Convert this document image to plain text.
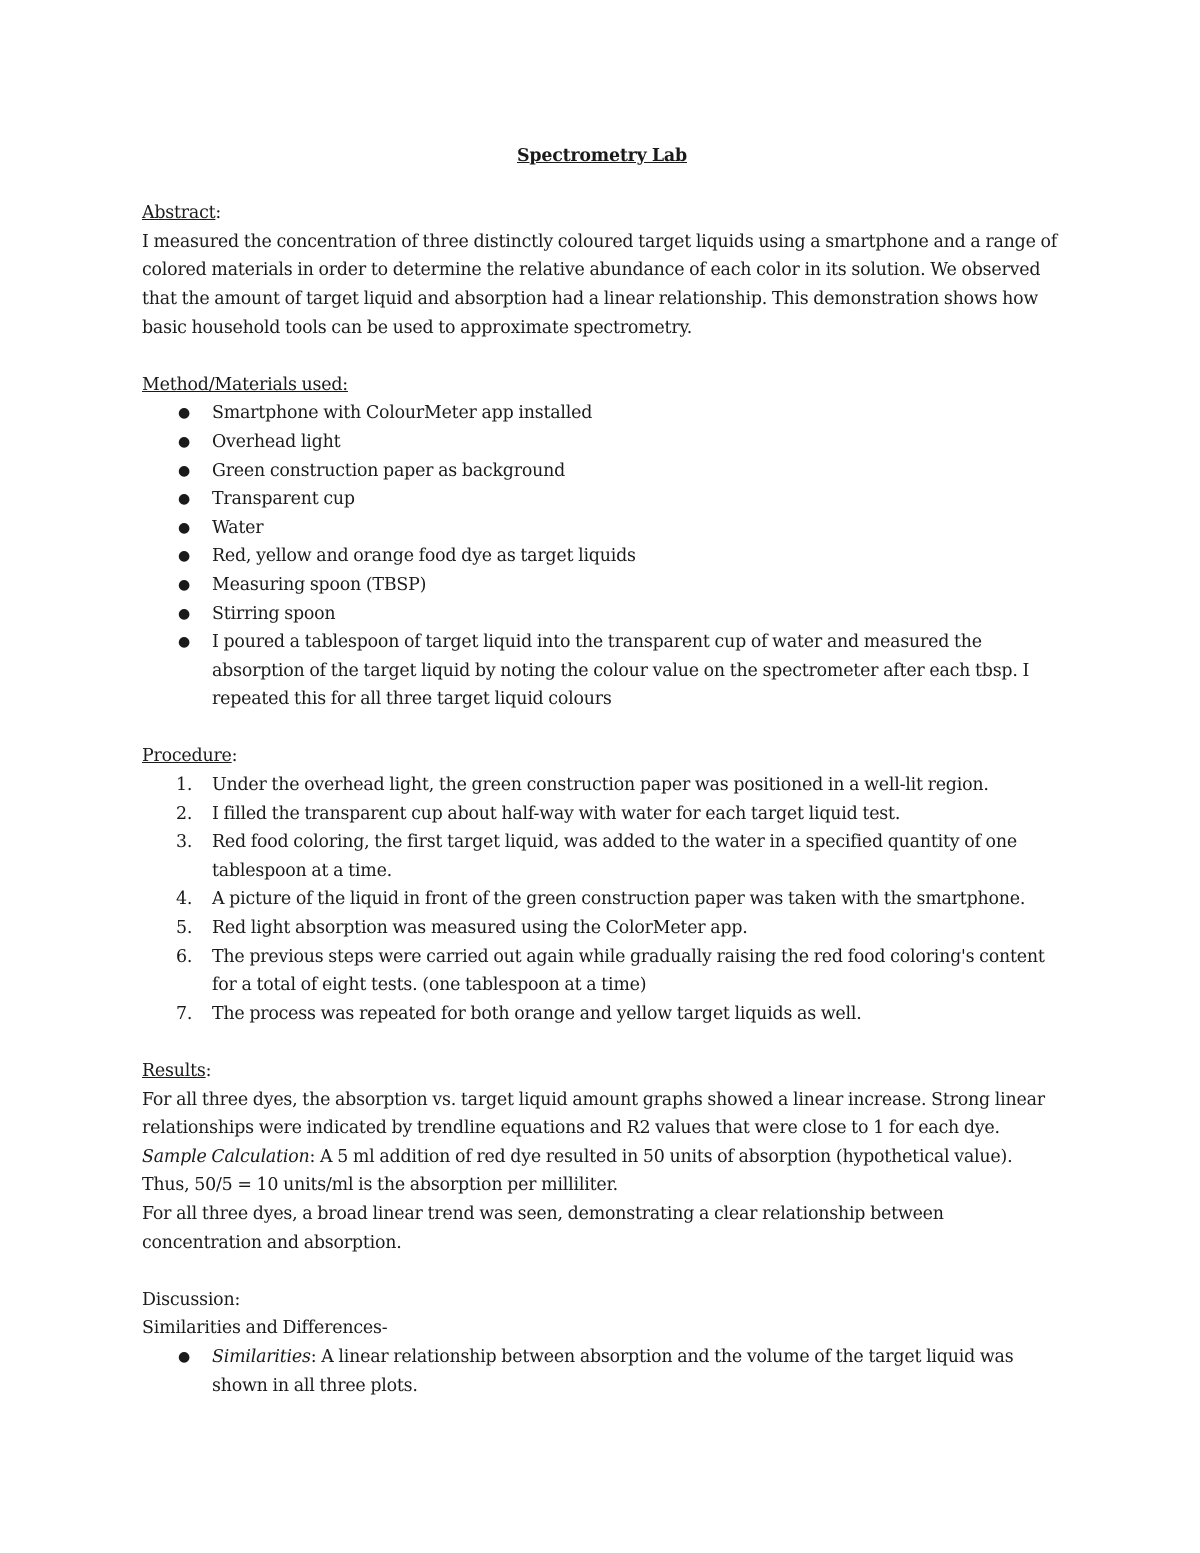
Spectrometry Lab

Abstract:

I measured the concentration of three distinctly coloured target liquids using a smartphone and a range of colored materials in order to determine the relative abundance of each color in its solution. We observed that the amount of target liquid and absorption had a linear relationship. This demonstration shows how basic household tools can be used to approximate spectrometry.

Method/Materials used:

● Smartphone with ColourMeter app installed
● Overhead light
● Green construction paper as background
● Transparent cup
● Water
● Red, yellow and orange food dye as target liquids
● Measuring spoon (TBSP)
● Stirring spoon
● I poured a tablespoon of target liquid into the transparent cup of water and measured the absorption of the target liquid by noting the colour value on the spectrometer after each tbsp. I repeated this for all three target liquid colours

Procedure:

1.	Under the overhead light, the green construction paper was positioned in a well-lit region.
2.	I filled the transparent cup about half-way with water for each target liquid test.
3.	Red food coloring, the first target liquid, was added to the water in a specified quantity of one tablespoon at a time.
4.	A picture of the liquid in front of the green construction paper was taken with the smartphone.
5.	Red light absorption was measured using the ColorMeter app.
6.	The previous steps were carried out again while gradually raising the red food coloring's content for a total of eight tests. (one tablespoon at a time)
7.	The process was repeated for both orange and yellow target liquids as well.

Results:

For all three dyes, the absorption vs. target liquid amount graphs showed a linear increase. Strong linear relationships were indicated by trendline equations and R2 values that were close to 1 for each dye.

Sample Calculation: A 5 ml addition of red dye resulted in 50 units of absorption (hypothetical value). Thus, 50/5 = 10 units/ml is the absorption per milliliter.

For all three dyes, a broad linear trend was seen, demonstrating a clear relationship between concentration and absorption.

Discussion:

Similarities and Differences-

● Similarities: A linear relationship between absorption and the volume of the target liquid was shown in all three plots.
